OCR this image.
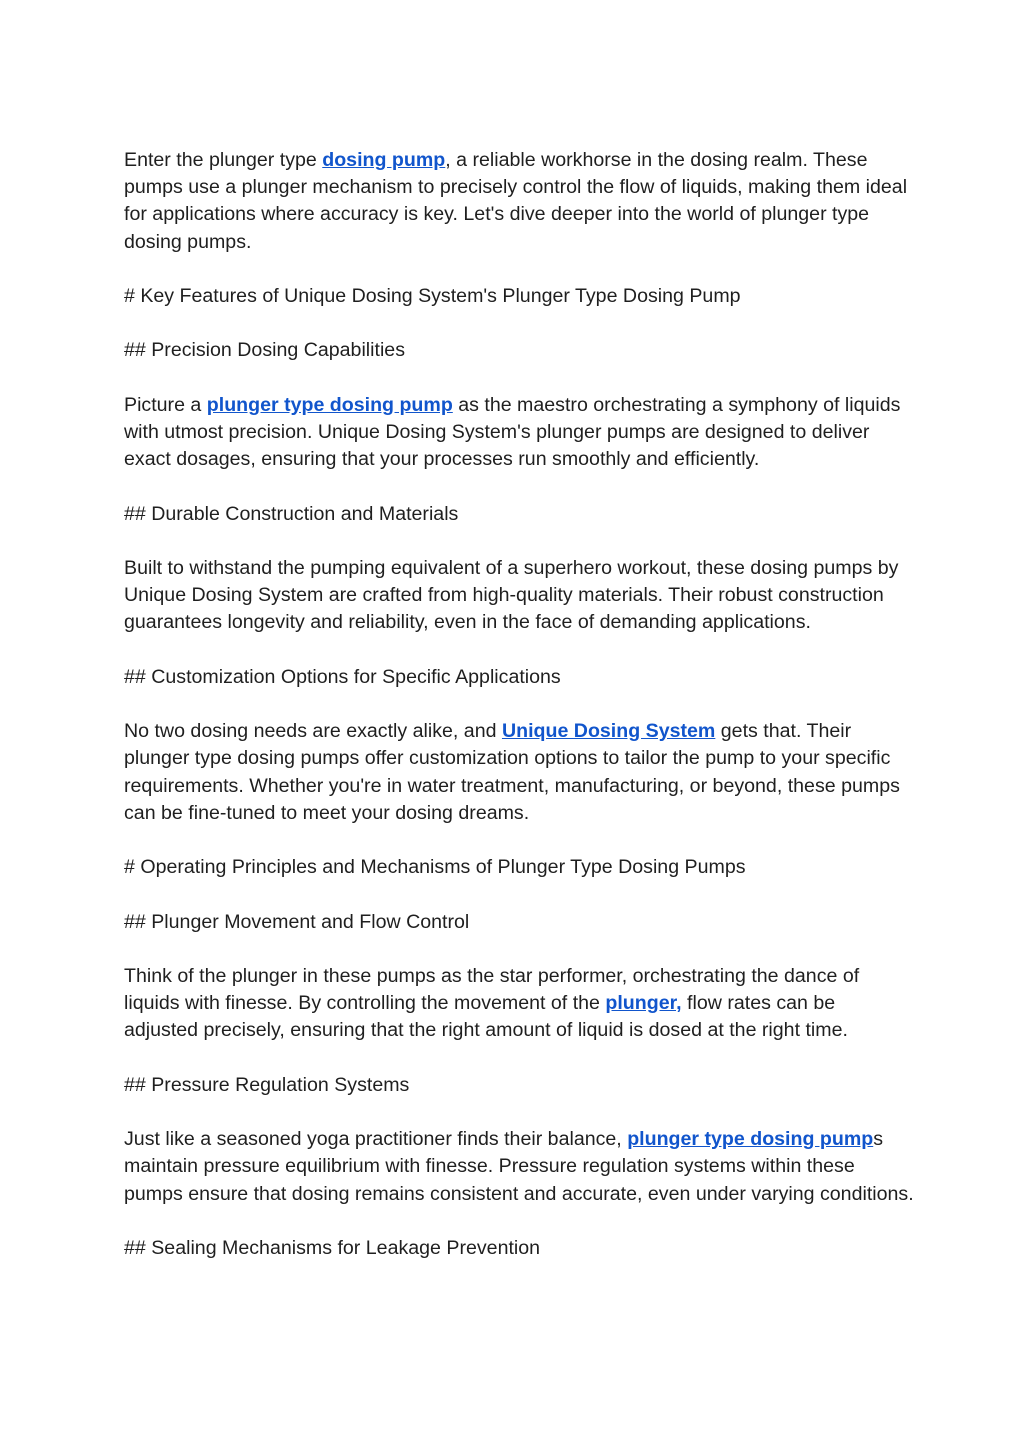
Enter the plunger type dosing pump, a reliable workhorse in the dosing realm. These pumps use a plunger mechanism to precisely control the flow of liquids, making them ideal for applications where accuracy is key. Let's dive deeper into the world of plunger type dosing pumps.
# Key Features of Unique Dosing System's Plunger Type Dosing Pump
## Precision Dosing Capabilities
Picture a plunger type dosing pump as the maestro orchestrating a symphony of liquids with utmost precision. Unique Dosing System's plunger pumps are designed to deliver exact dosages, ensuring that your processes run smoothly and efficiently.
## Durable Construction and Materials
Built to withstand the pumping equivalent of a superhero workout, these dosing pumps by Unique Dosing System are crafted from high-quality materials. Their robust construction guarantees longevity and reliability, even in the face of demanding applications.
## Customization Options for Specific Applications
No two dosing needs are exactly alike, and Unique Dosing System gets that. Their plunger type dosing pumps offer customization options to tailor the pump to your specific requirements. Whether you're in water treatment, manufacturing, or beyond, these pumps can be fine-tuned to meet your dosing dreams.
# Operating Principles and Mechanisms of Plunger Type Dosing Pumps
## Plunger Movement and Flow Control
Think of the plunger in these pumps as the star performer, orchestrating the dance of liquids with finesse. By controlling the movement of the plunger, flow rates can be adjusted precisely, ensuring that the right amount of liquid is dosed at the right time.
## Pressure Regulation Systems
Just like a seasoned yoga practitioner finds their balance, plunger type dosing pumps maintain pressure equilibrium with finesse. Pressure regulation systems within these pumps ensure that dosing remains consistent and accurate, even under varying conditions.
## Sealing Mechanisms for Leakage Prevention
